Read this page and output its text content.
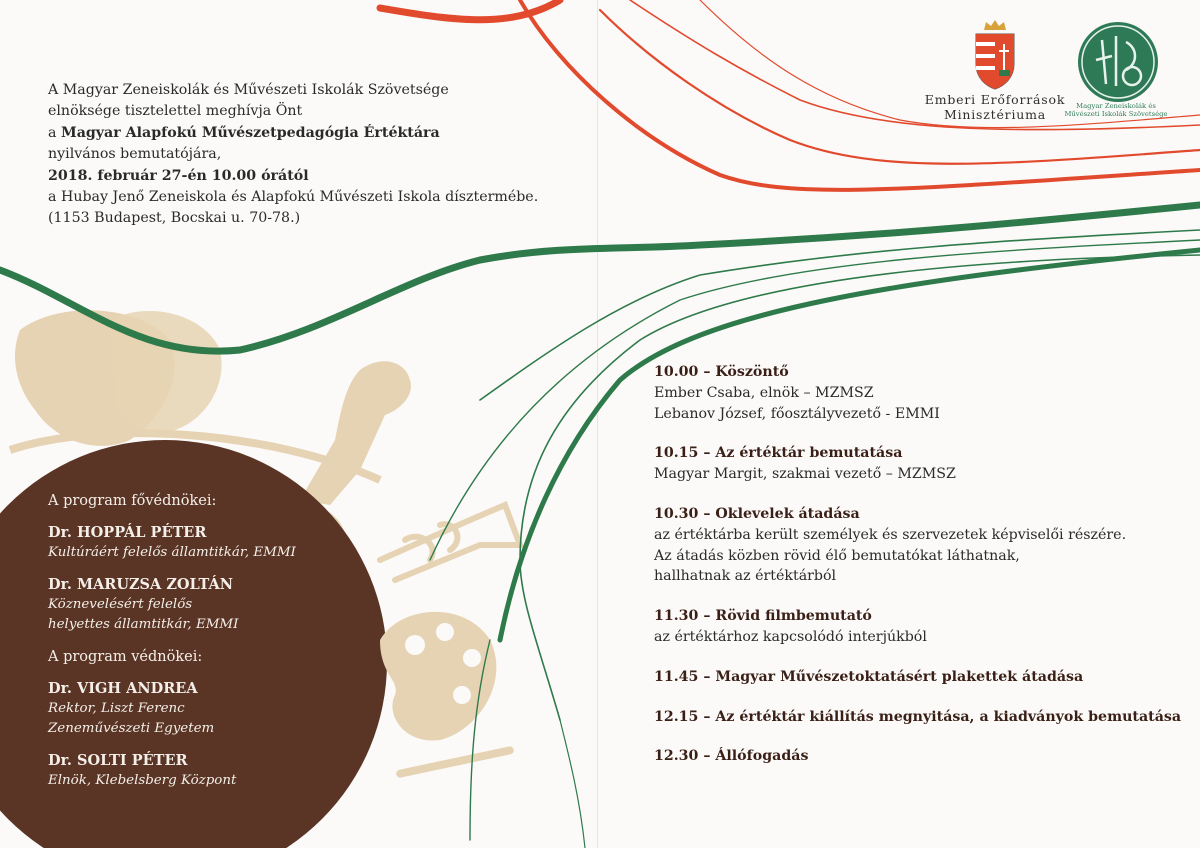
A Magyar Zeneiskolák és Művészeti Iskolák Szövetsége
elnöksége tisztelettel meghívja Önt
a Magyar Alapfokú Művészetpedagógia Értéktára
nyilvános bemutatójára,
2018. február 27-én 10.00 órától
a Hubay Jenő Zeneiskola és Alapfokú Művészeti Iskola dísztermébe.
(1153 Budapest, Bocskai u. 70-78.)
Emberi Erőforrások
Minisztériuma
Magyar Zeneiskolák és
Művészeti Iskolák Szövetsége
A program fővédnökei:
Dr. HOPPÁL PÉTER
Kultúráért felelős államtitkár, EMMI
Dr. MARUZSA ZOLTÁN
Köznevelésért felelős
helyettes államtitkár, EMMI
A program védnökei:
Dr. VIGH ANDREA
Rektor, Liszt Ferenc
Zeneművészeti Egyetem
Dr. SOLTI PÉTER
Elnök, Klebelsberg Központ
10.00 – Köszöntő
Ember Csaba, elnök – MZMSZ
Lebanov József, főosztályvezető - EMMI
10.15 – Az értéktár bemutatása
Magyar Margit, szakmai vezető – MZMSZ
10.30 – Oklevelek átadása
az értéktárba került személyek és szervezetek képviselői részére.
Az átadás közben rövid élő bemutatókat láthatnak,
hallhatnak az értéktárból
11.30 – Rövid filmbemutató
az értéktárhoz kapcsolódó interjúkból
11.45 – Magyar Művészetoktatásért plakettek átadása
12.15 – Az értéktár kiállítás megnyitása, a kiadványok bemutatása
12.30 – Állófogadás
